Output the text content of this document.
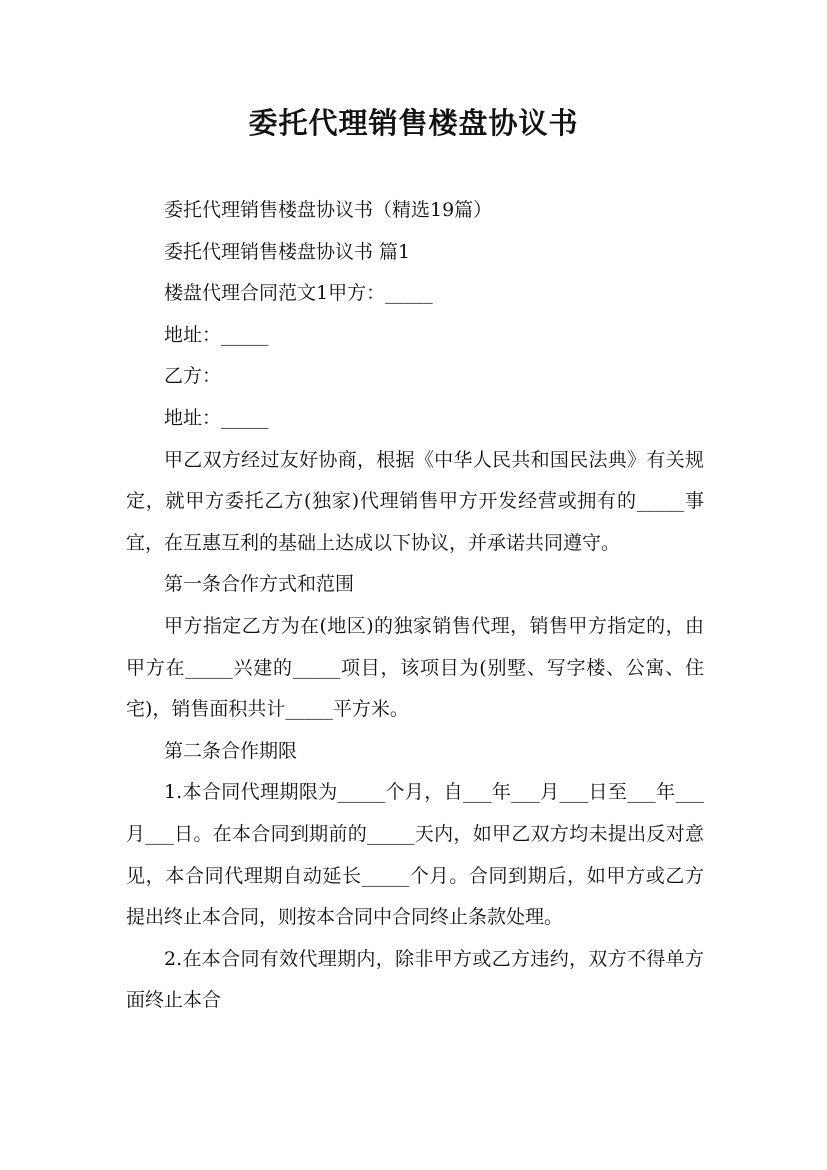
委托代理销售楼盘协议书

委托代理销售楼盘协议书（精选19篇）

委托代理销售楼盘协议书 篇1

楼盘代理合同范文1甲方：_____

地址：_____

乙方：

地址：_____

甲乙双方经过友好协商，根据《中华人民共和国民法典》有关规定，就甲方委托乙方(独家)代理销售甲方开发经营或拥有的_____事宜，在互惠互利的基础上达成以下协议，并承诺共同遵守。

第一条合作方式和范围

甲方指定乙方为在(地区)的独家销售代理，销售甲方指定的，由甲方在_____兴建的_____项目，该项目为(别墅、写字楼、公寓、住宅)，销售面积共计_____平方米。

第二条合作期限

1.本合同代理期限为_____个月，自___年___月___日至___年___月___日。在本合同到期前的_____天内，如甲乙双方均未提出反对意见，本合同代理期自动延长_____个月。合同到期后，如甲方或乙方提出终止本合同，则按本合同中合同终止条款处理。

2.在本合同有效代理期内，除非甲方或乙方违约，双方不得单方面终止本合
